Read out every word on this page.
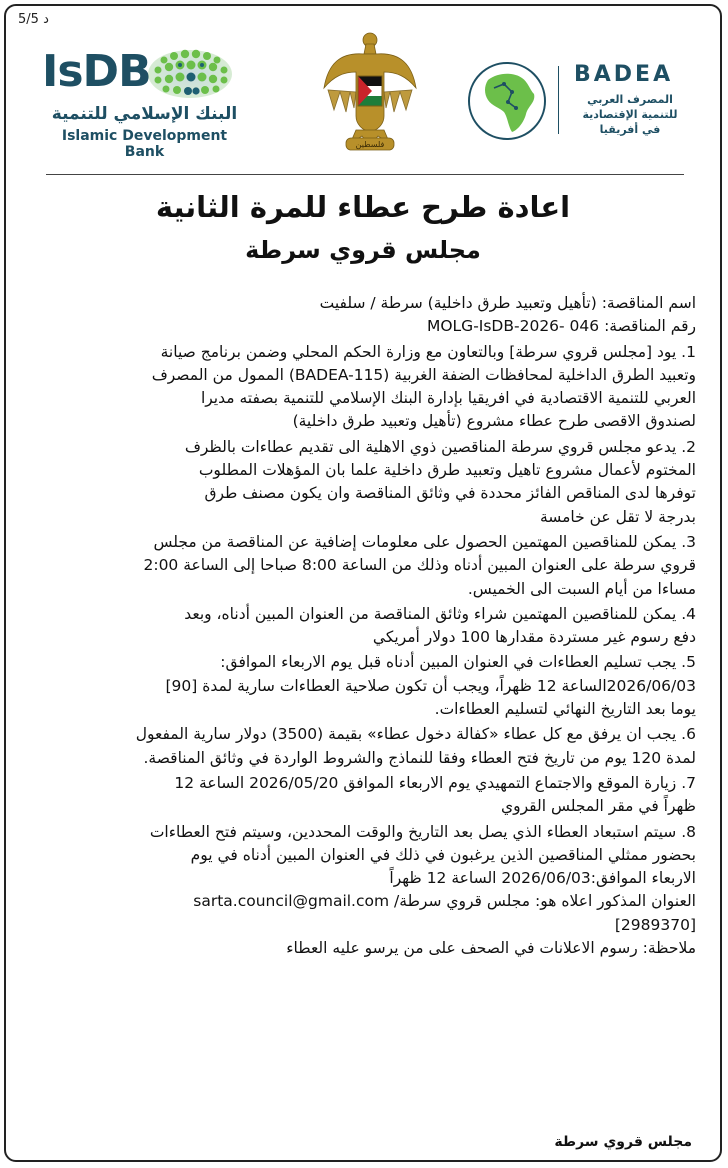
5/5 د
IsDB
البنك الإسلامي للتنمية
Islamic Development Bank	فلسطين
BADEA
المصرف العربي
للتنمية الإقتصادية
في أفريقيا
اعادة طرح عطاء للمرة الثانية
مجلس قروي سرطة
اسم المناقصة: (تأهيل وتعبيد طرق داخلية) سرطة / سلفيت
رقم المناقصة: MOLG-IsDB-2026- 046
1. يود [مجلس قروي سرطة] وبالتعاون مع وزارة الحكم المحلي وضمن برنامج صيانة
وتعبيد الطرق الداخلية لمحافظات الضفة الغربية (BADEA-115) الممول من المصرف
العربي للتنمية الاقتصادية في افريقيا بإدارة البنك الإسلامي للتنمية بصفته مديرا
لصندوق الاقصى طرح عطاء مشروع (تأهيل وتعبيد طرق داخلية)
2. يدعو مجلس قروي سرطة المناقصين ذوي الاهلية الى تقديم عطاءات بالظرف
المختوم لأعمال مشروع تاهيل وتعبيد طرق داخلية علما بان المؤهلات المطلوب
توفرها لدى المناقص الفائز محددة في وثائق المناقصة وان يكون مصنف طرق
بدرجة لا تقل عن خامسة
3. يمكن للمناقصين المهتمين الحصول على معلومات إضافية عن المناقصة من مجلس
قروي سرطة على العنوان المبين أدناه وذلك من الساعة 8:00 صباحا إلى الساعة 2:00
مساءا من أيام السبت الى الخميس.
4. يمكن للمناقصين المهتمين شراء وثائق المناقصة من العنوان المبين أدناه، وبعد
دفع رسوم غير مستردة مقدارها 100 دولار أمريكي
5. يجب تسليم العطاءات في العنوان المبين أدناه قبل يوم الاربعاء الموافق:
2026/06/03الساعة 12 ظهراً، ويجب أن تكون صلاحية العطاءات سارية لمدة [90]
يوما بعد التاريخ النهائي لتسليم العطاءات.
6. يجب ان يرفق مع كل عطاء «كفالة دخول عطاء» بقيمة (3500) دولار سارية المفعول
لمدة 120 يوم من تاريخ فتح العطاء وفقا للنماذج والشروط الواردة في وثائق المناقصة.
7. زيارة الموقع والاجتماع التمهيدي يوم الاربعاء الموافق 2026/05/20 الساعة 12
ظهراً في مقر المجلس القروي
8. سيتم استبعاد العطاء الذي يصل بعد التاريخ والوقت المحددين، وسيتم فتح العطاءات
بحضور ممثلي المناقصين الذين يرغبون في ذلك في العنوان المبين أدناه في يوم
الاربعاء الموافق:2026/06/03 الساعة 12 ظهراً
العنوان المذكور اعلاه هو: مجلس قروي سرطة/ sarta.council@gmail.com
[2989370]
ملاحظة: رسوم الاعلانات في الصحف على من يرسو عليه العطاء
مجلس قروي سرطة
